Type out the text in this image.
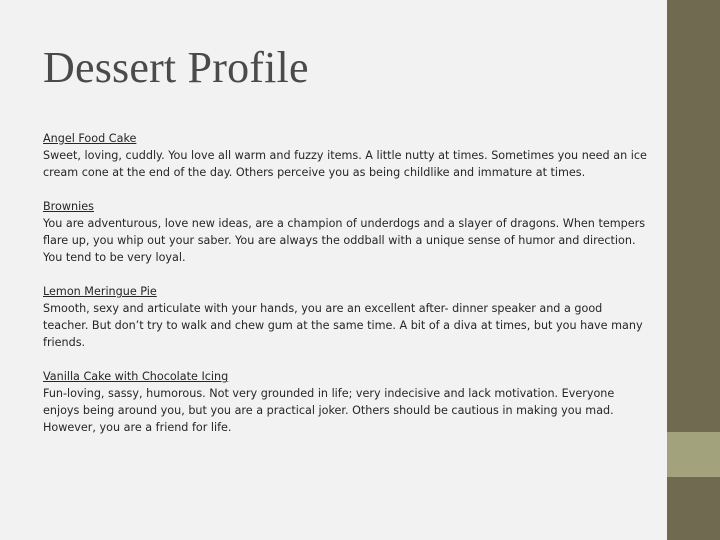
Dessert Profile
Angel Food Cake
Sweet, loving, cuddly. You love all warm and fuzzy items. A little nutty at times. Sometimes you need an ice cream cone at the end of the day. Others perceive you as being childlike and immature at times.
Brownies
You are adventurous, love new ideas, are a champion of underdogs and a slayer of dragons. When tempers flare up, you whip out your saber. You are always the oddball with a unique sense of humor and direction. You tend to be very loyal.
Lemon Meringue Pie
Smooth, sexy and articulate with your hands, you are an excellent after- dinner speaker and a good teacher. But don’t try to walk and chew gum at the same time. A bit of a diva at times, but you have many friends.
Vanilla Cake with Chocolate Icing
Fun-loving, sassy, humorous. Not very grounded in life; very indecisive and lack motivation. Everyone enjoys being around you, but you are a practical joker. Others should be cautious in making you mad. However, you are a friend for life.
